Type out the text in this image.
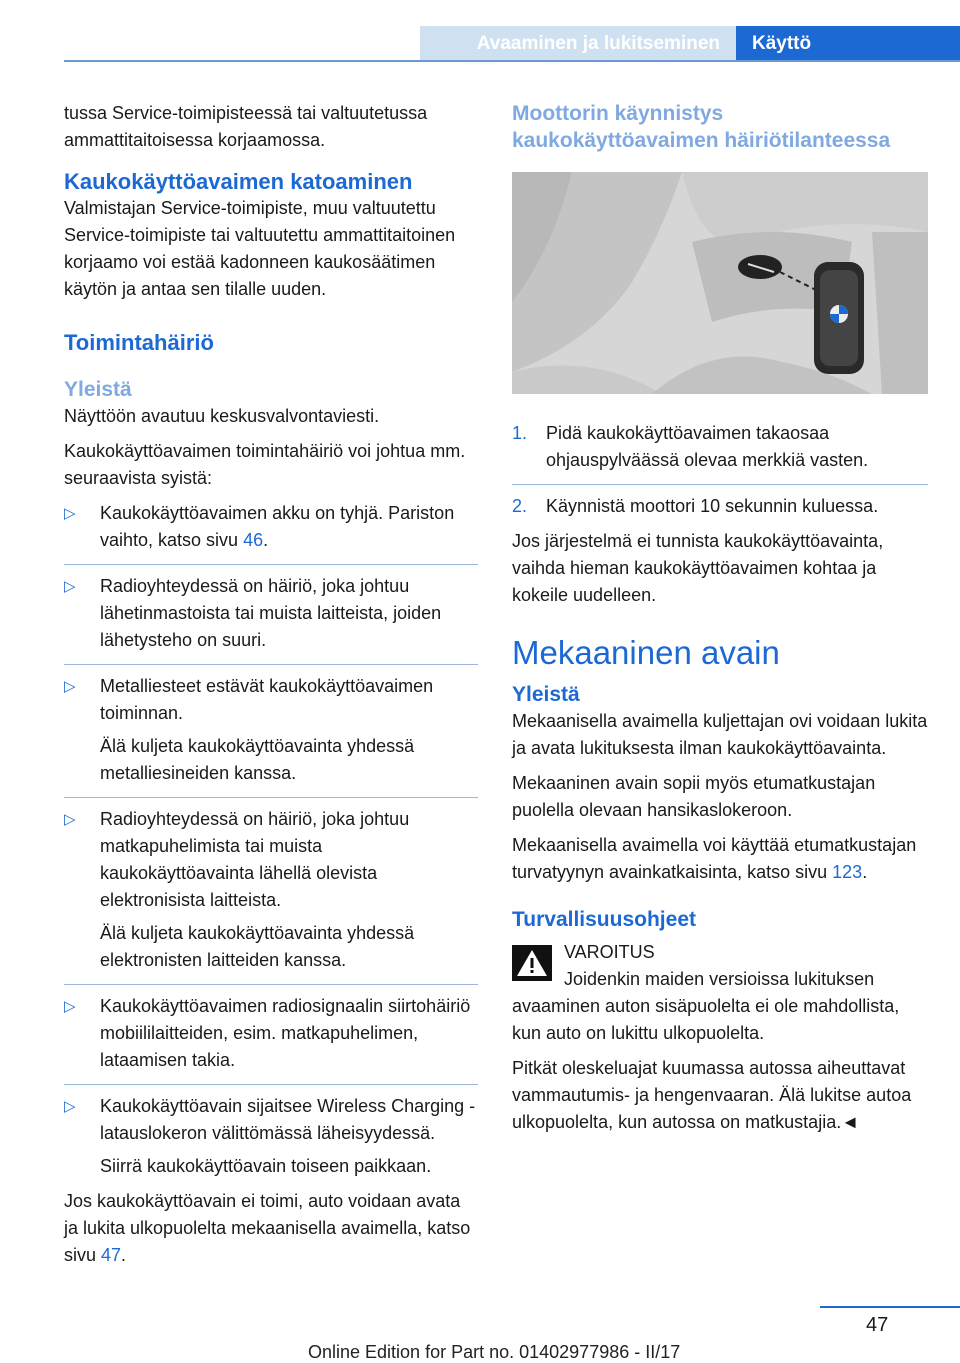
Avaaminen ja lukitseminen Käyttö

tussa Service-toimipisteessä tai valtuutetussa ammattitaitoisessa korjaamossa.

Kaukokäyttöavaimen katoaminen

Valmistajan Service-toimipiste, muu valtuutettu Service-toimipiste tai valtuutettu ammattitaitoinen korjaamo voi estää kadonneen kaukosäätimen käytön ja antaa sen tilalle uuden.

Toimintahäiriö
Yleistä

Näyttöön avautuu keskusvalvontaviesti.

Kaukokäyttöavaimen toimintahäiriö voi johtua mm. seuraavista syistä:

▷ Kaukokäyttöavaimen akku on tyhjä. Pariston vaihto, katso sivu 46.
▷ Radioyhteydessä on häiriö, joka johtuu lähetinmastoista tai muista laitteista, joiden lähetysteho on suuri.
▷ Metalliesteet estävät kaukokäyttöavaimen toiminnan.
Älä kuljeta kaukokäyttöavainta yhdessä metalliesineiden kanssa.
▷ Radioyhteydessä on häiriö, joka johtuu matkapuhelimista tai muista kaukokäyttöavainta lähellä olevista elektronisista laitteista.
Älä kuljeta kaukokäyttöavainta yhdessä elektronisten laitteiden kanssa.
▷ Kaukokäyttöavaimen radiosignaalin siirtohäiriö mobiililaitteiden, esim. matkapuhelimen, lataamisen takia.
▷ Kaukokäyttöavain sijaitsee Wireless Charging -latauslokeron välittömässä läheisyydessä.
Siirrä kaukokäyttöavain toiseen paikkaan.

Jos kaukokäyttöavain ei toimi, auto voidaan avata ja lukita ulkopuolelta mekaanisella avaimella, katso sivu 47.

Moottorin käynnistys kaukokäyttöavaimen häiriötilanteessa
1. Pidä kaukokäyttöavaimen takaosaa ohjauspylväässä olevaa merkkiä vasten.
2. Käynnistä moottori 10 sekunnin kuluessa.

Jos järjestelmä ei tunnista kaukokäyttöavainta, vaihda hieman kaukokäyttöavaimen kohtaa ja kokeile uudelleen.

Mekaaninen avain
Yleistä

Mekaanisella avaimella kuljettajan ovi voidaan lukita ja avata lukituksesta ilman kaukokäyttöavainta.

Mekaaninen avain sopii myös etumatkustajan puolella olevaan hansikaslokeroon.

Mekaanisella avaimella voi käyttää etumatkustajan turvatyynyn avainkatkaisinta, katso sivu 123.

Turvallisuusohjeet
VAROITUS

Joidenkin maiden versioissa lukituksen avaaminen auton sisäpuolelta ei ole mahdollista, kun auto on lukittu ulkopuolelta.

Pitkät oleskeluajat kuumassa autossa aiheuttavat vammautumis- ja hengenvaaran. Älä lukitse autoa ulkopuolelta, kun autossa on matkustajia.◄

47
Online Edition for Part no. 01402977986 - II/17
